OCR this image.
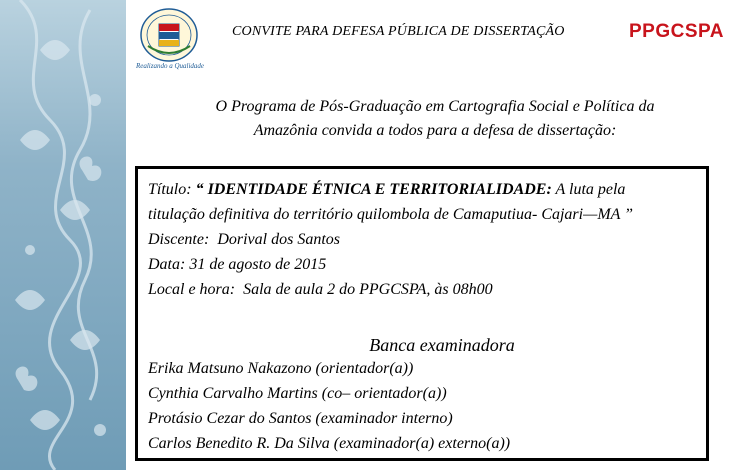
Realizando a Qualidade
CONVITE PARA DEFESA PÚBLICA DE DISSERTAÇÃO	PPGCSPA
O Programa de Pós-Graduação em Cartografia Social e Política da
Amazônia convida a todos para a defesa de dissertação:
Título: “ IDENTIDADE ÉTNICA E TERRITORIALIDADE: A luta pela
titulação definitiva do território quilombola de Camaputiua- Cajari—MA ”
Discente:  Dorival dos Santos
Data: 31 de agosto de 2015
Local e hora: Sala de aula 2 do PPGCSPA, às 08h00
Banca examinadora
Erika Matsuno Nakazono (orientador(a))
Cynthia Carvalho Martins (co– orientador(a))
Protásio Cezar do Santos (examinador interno)
Carlos Benedito R. Da Silva (examinador(a) externo(a))
